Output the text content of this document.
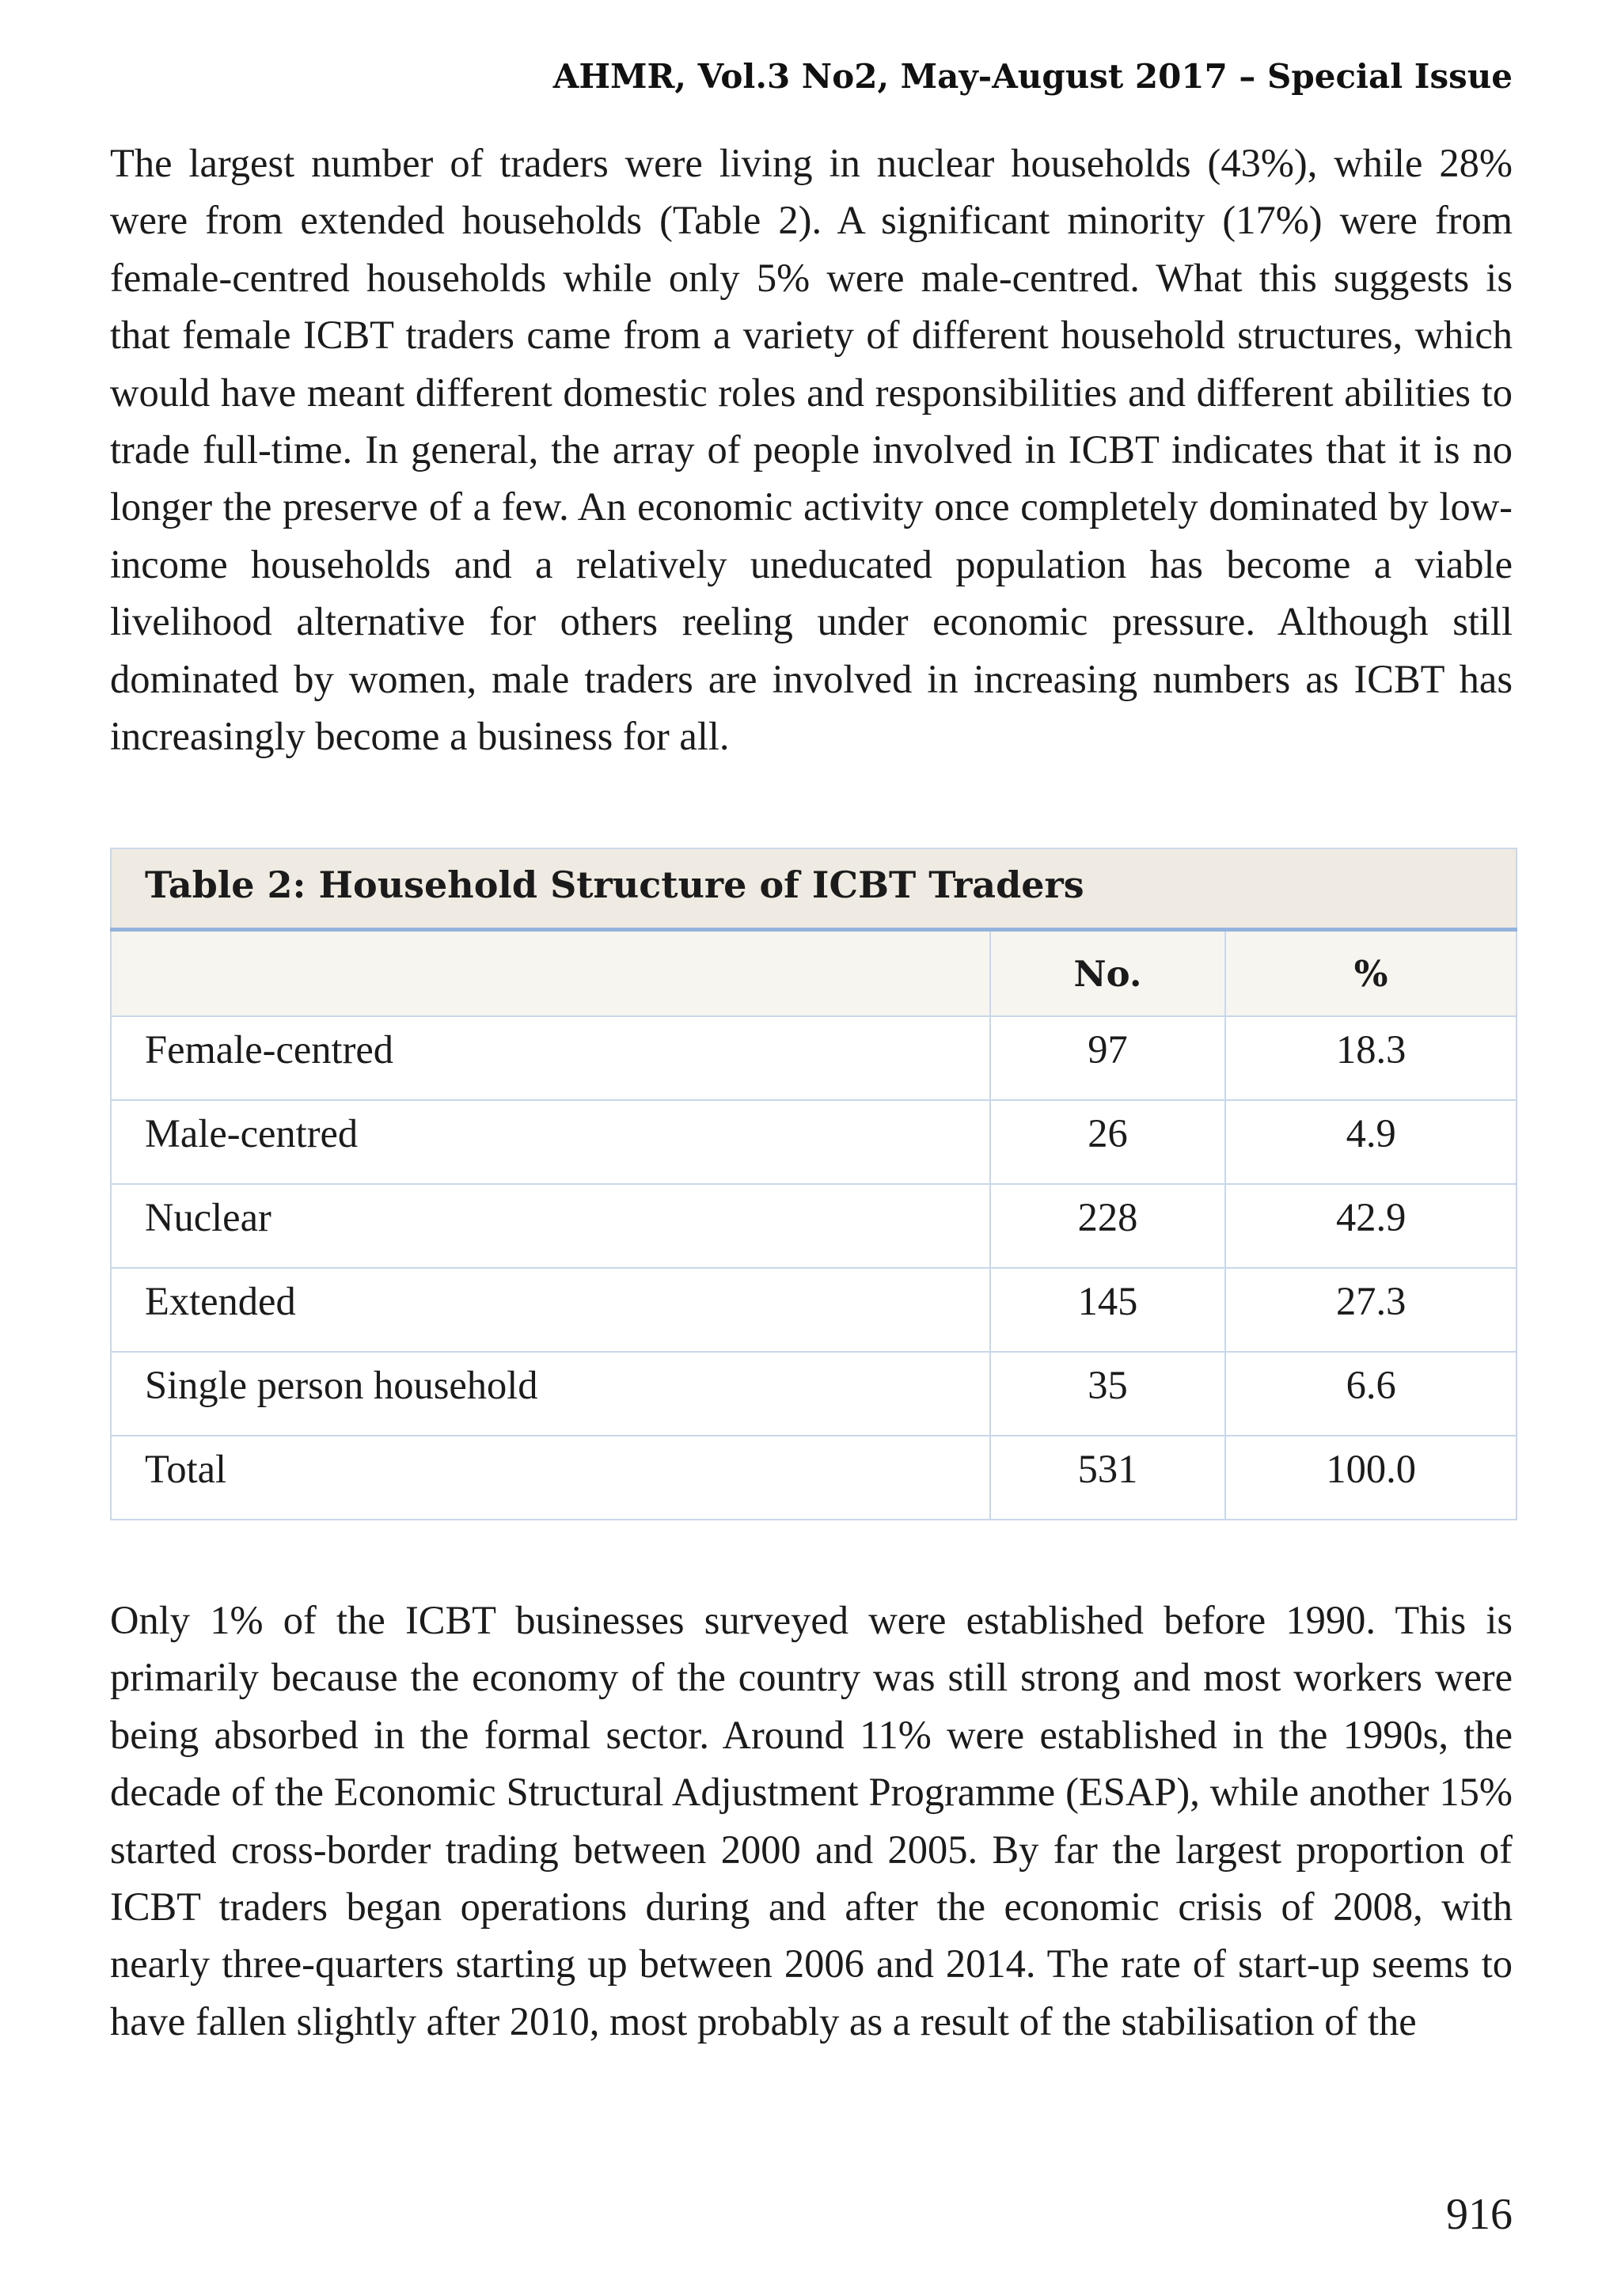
AHMR, Vol.3 No2, May-August 2017 – Special Issue

The largest number of traders were living in nuclear households (43%), while 28% were from extended households (Table 2). A significant minority (17%) were from female-centred households while only 5% were male-centred. What this suggests is that female ICBT traders came from a variety of different household structures, which would have meant different domestic roles and responsibilities and different abilities to trade full-time. In general, the array of people involved in ICBT indicates that it is no longer the preserve of a few. An economic activity once completely dominated by low-income households and a relatively uneducated population has become a viable livelihood alternative for others reeling under economic pressure. Although still dominated by women, male traders are involved in increasing numbers as ICBT has increasingly become a business for all.

Table 2: Household Structure of ICBT Traders		
	No.	%
Female-centred	97	18.3
Male-centred	26	4.9
Nuclear	228	42.9
Extended	145	27.3
Single person household	35	6.6
Total	531	100.0

Only 1% of the ICBT businesses surveyed were established before 1990. This is primarily because the economy of the country was still strong and most workers were being absorbed in the formal sector. Around 11% were established in the 1990s, the decade of the Economic Structural Adjustment Programme (ESAP), while another 15% started cross-border trading between 2000 and 2005. By far the largest proportion of ICBT traders began operations during and after the economic crisis of 2008, with nearly three-quarters starting up between 2006 and 2014. The rate of start-up seems to have fallen slightly after 2010, most probably as a result of the stabilisation of the

916
